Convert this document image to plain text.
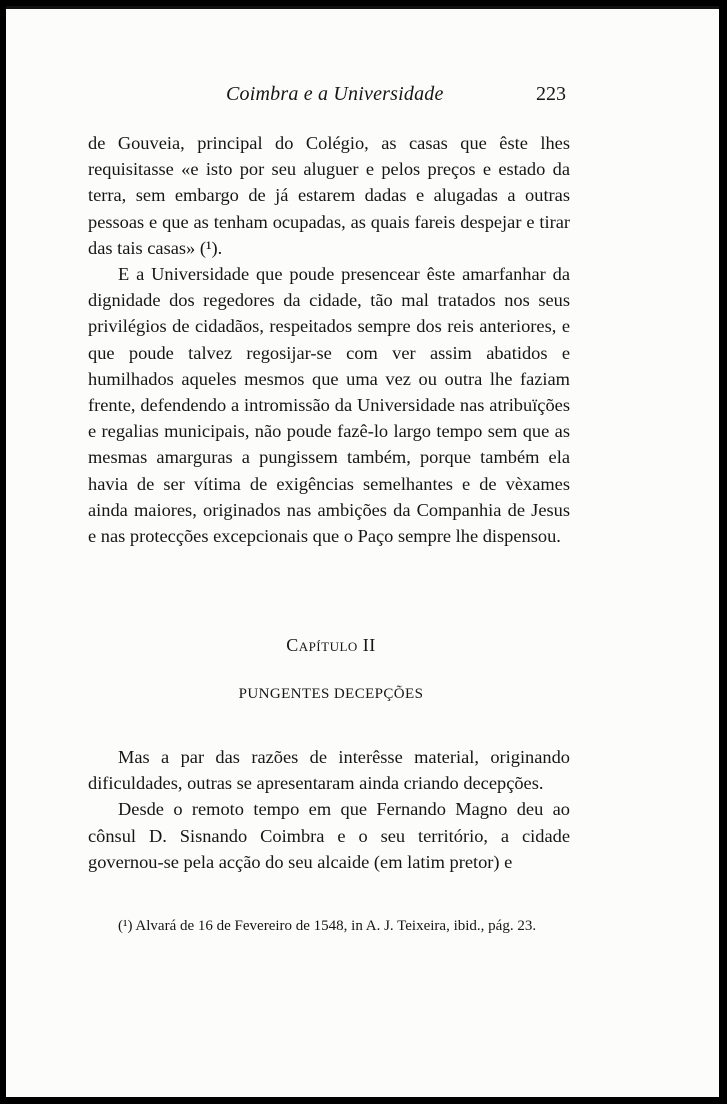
Coimbra e a Universidade	223

de Gouveia, principal do Colégio, as casas que êste lhes requisitasse «e isto por seu aluguer e pelos preços e estado da terra, sem embargo de já estarem dadas e alugadas a outras pessoas e que as tenham ocupadas, as quais fareis despejar e tirar das tais casas» (¹).

E a Universidade que poude presencear êste amarfanhar da dignidade dos regedores da cidade, tão mal tratados nos seus privilégios de cidadãos, respeitados sempre dos reis anteriores, e que poude talvez regosijar-se com ver assim abatidos e humilhados aqueles mesmos que uma vez ou outra lhe faziam frente, defendendo a intromissão da Universidade nas atribuïções e regalias municipais, não poude fazê-lo largo tempo sem que as mesmas amarguras a pungissem também, porque também ela havia de ser vítima de exigências semelhantes e de vèxames ainda maiores, originados nas ambições da Companhia de Jesus e nas protecções excepcionais que o Paço sempre lhe dispensou.

Capítulo II
PUNGENTES DECEPÇÕES

Mas a par das razões de interêsse material, originando dificuldades, outras se apresentaram ainda criando decepções.

Desde o remoto tempo em que Fernando Magno deu ao cônsul D. Sisnando Coimbra e o seu território, a cidade governou-se pela acção do seu alcaide (em latim pretor) e

(¹) Alvará de 16 de Fevereiro de 1548, in A. J. Teixeira, ibid., pág. 23.
